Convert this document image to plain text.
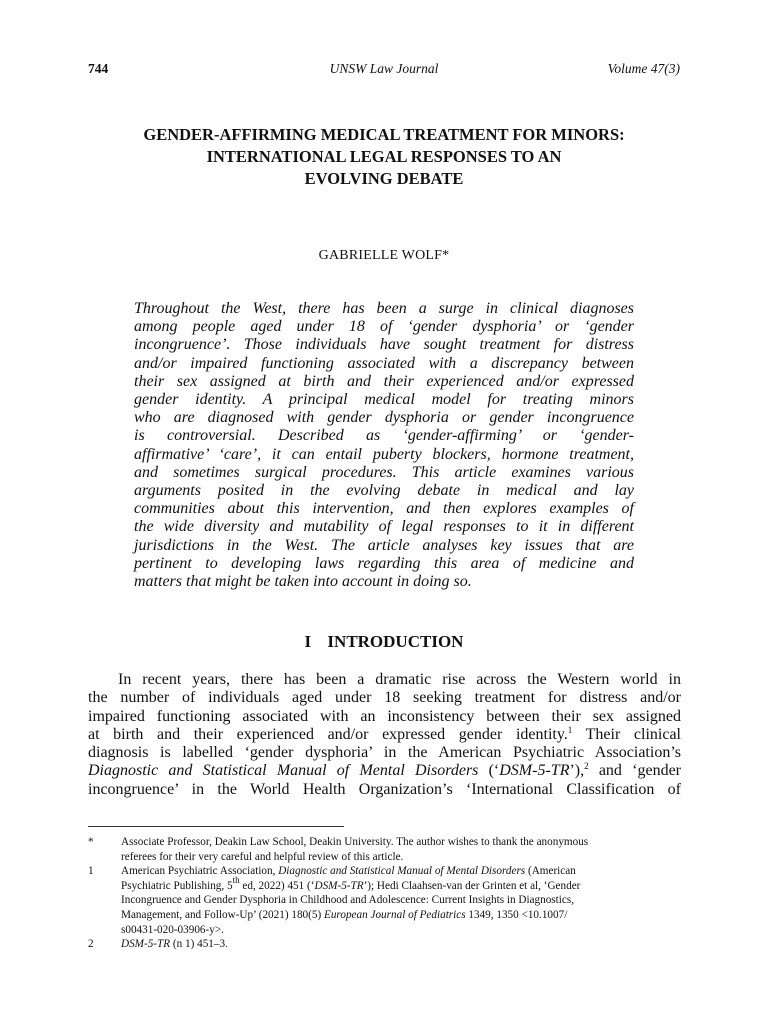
744	UNSW Law Journal	Volume 47(3)
GENDER-AFFIRMING MEDICAL TREATMENT FOR MINORS:
INTERNATIONAL LEGAL RESPONSES TO AN
EVOLVING DEBATE
GABRIELLE WOLF*
Throughout the West, there has been a surge in clinical diagnoses
among people aged under 18 of ‘gender dysphoria’ or ‘gender
incongruence’. Those individuals have sought treatment for distress
and/or impaired functioning associated with a discrepancy between
their sex assigned at birth and their experienced and/or expressed
gender identity. A principal medical model for treating minors
who are diagnosed with gender dysphoria or gender incongruence
is controversial. Described as ‘gender-affirming’ or ‘gender-
affirmative’ ‘care’, it can entail puberty blockers, hormone treatment,
and sometimes surgical procedures. This article examines various
arguments posited in the evolving debate in medical and lay
communities about this intervention, and then explores examples of
the wide diversity and mutability of legal responses to it in different
jurisdictions in the West. The article analyses key issues that are
pertinent to developing laws regarding this area of medicine and
matters that might be taken into account in doing so.
I INTRODUCTION
In recent years, there has been a dramatic rise across the Western world in
the number of individuals aged under 18 seeking treatment for distress and/or
impaired functioning associated with an inconsistency between their sex assigned
at birth and their experienced and/or expressed gender identity.$^1$ Their clinical
diagnosis is labelled ‘gender dysphoria’ in the American Psychiatric Association’s
Diagnostic and Statistical Manual of Mental Disorders (‘DSM-5-TR’),$^2$ and ‘gender
incongruence’ in the World Health Organization’s ‘International Classification of
* Associate Professor, Deakin Law School, Deakin University. The author wishes to thank the anonymous
referees for their very careful and helpful review of this article.
1 American Psychiatric Association, Diagnostic and Statistical Manual of Mental Disorders (American
Psychiatric Publishing, 5th ed, 2022) 451 (‘DSM-5-TR’); Hedi Claahsen-van der Grinten et al, ‘Gender
Incongruence and Gender Dysphoria in Childhood and Adolescence: Current Insights in Diagnostics,
Management, and Follow-Up’ (2021) 180(5) European Journal of Pediatrics 1349, 1350 <10.1007/
s00431-020-03906-y>.
2 DSM-5-TR (n 1) 451–3.
